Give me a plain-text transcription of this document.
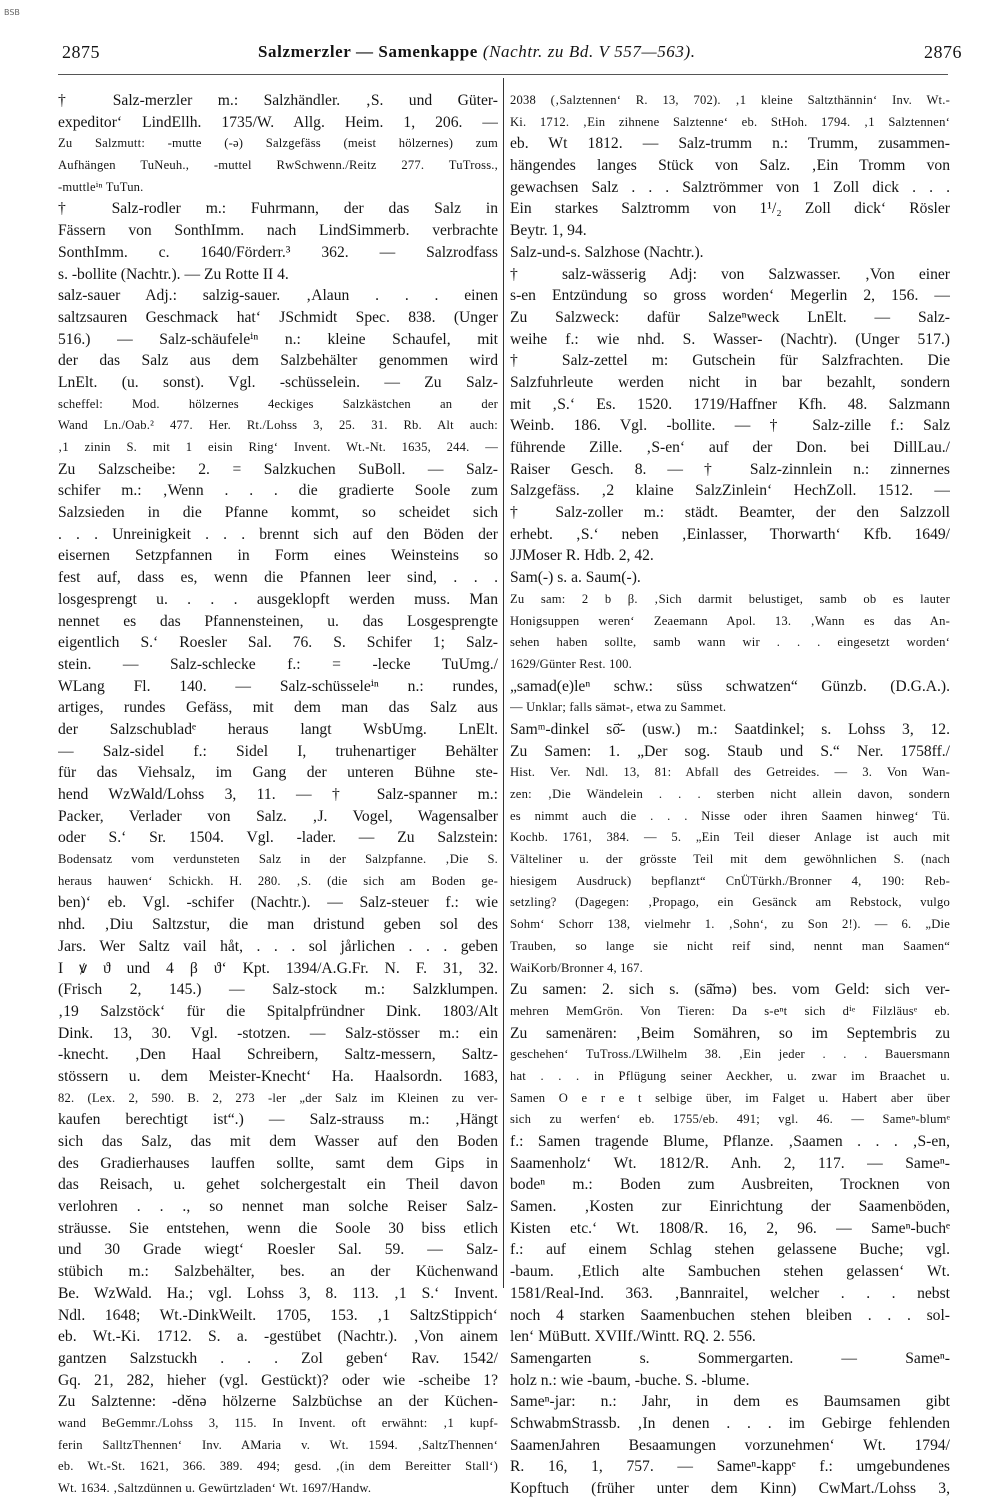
BSB
2875	Salzmerzler — Samenkappe (Nachtr. zu Bd. V 557—563).	2876
† Salz-merzler m.: Salzhändler. ‚S. und Güter-
expeditor‘ LindEllh. 1735/W. Allg. Heim. 1, 206. —
Zu Salzmutt: -mutte (-ə) Salzgefäss (meist hölzernes) zum
Aufhängen TuNeuh., -muttel RwSchwenn./Reitz 277. TuTross.,
-muttleⁱⁿ TuTun.
† Salz-rodler m.: Fuhrmann, der das Salz in
Fässern von SonthImm. nach LindSimmerb. verbrachte
SonthImm. c. 1640/Förderr.³ 362. — Salzrodfass
s. -bollite (Nachtr.). — Zu Rotte II 4.
salz-sauer Adj.: salzig-sauer. ‚Alaun . . . einen
saltzsauren Geschmack hat‘ JSchmidt Spec. 838. (Unger
516.) — Salz-schäufeleⁱⁿ n.: kleine Schaufel, mit
der das Salz aus dem Salzbehälter genommen wird
LnElt. (u. sonst). Vgl. -schüsselein. — Zu Salz-
scheffel: Mod. hölzernes 4eckiges Salzkästchen an der
Wand Ln./Oab.² 477. Her. Rt./Lohss 3, 25. 31. Rb. Alt auch:
‚1 zinin S. mit 1 eisin Ring‘ Invent. Wt.-Nt. 1635, 244. —
Zu Salzscheibe: 2. = Salzkuchen SuBoll. — Salz-
schifer m.: ‚Wenn . . . die gradierte Soole zum
Salzsieden in die Pfanne kommt, so scheidet sich
. . . Unreinigkeit . . . brennt sich auf den Böden der
eisernen Setzpfannen in Form eines Weinsteins so
fest auf, dass es, wenn die Pfannen leer sind, . . .
losgesprengt u. . . . ausgeklopft werden muss. Man
nennet es das Pfannensteinen, u. das Losgesprengte
eigentlich S.‘ Roesler Sal. 76. S. Schifer 1; Salz-
stein. — Salz-schlecke f.: = -lecke TuUmg./
WLang Fl. 140. — Salz-schüsseleⁱⁿ n.: rundes,
artiges, rundes Gefäss, mit dem man das Salz aus
der Salzschubladᵉ heraus langt WsbUmg. LnElt.
— Salz-sidel f.: Sidel I, truhenartiger Behälter
für das Viehsalz, im Gang der unteren Bühne ste-
hend WzWald/Lohss 3, 11. — † Salz-spanner m.:
Packer, Verlader von Salz. ‚J. Vogel, Wagensalber
oder S.‘ Sr. 1504. Vgl. -lader. — Zu Salzstein:
Bodensatz vom verdunsteten Salz in der Salzpfanne. ‚Die S.
heraus hauwen‘ Schickh. H. 280. ‚S. (die sich am Boden ge-
ben)‘ eb. Vgl. -schifer (Nachtr.). — Salz-steuer f.: wie
nhd. ‚Diu Saltzstur, die man dristund geben sol des
Jars. Wer Saltz vail håt, . . . sol jårlichen . . . geben
I ꝟ ϑ und 4 β ϑ‘ Kpt. 1394/A.G.Fr. N. F. 31, 32.
(Frisch 2, 145.) — Salz-stock m.: Salzklumpen.
‚19 Salzstöck‘ für die Spitalpfründner Dink. 1803/Alt
Dink. 13, 30. Vgl. -stotzen. — Salz-stösser m.: ein
-knecht. ‚Den Haal Schreibern, Saltz-messern, Saltz-
stössern u. dem Meister-Knecht‘ Ha. Haalsordn. 1683,
82. (Lex. 2, 590. B. 2, 273 -ler „der Salz im Kleinen zu ver-
kaufen berechtigt ist“.) — Salz-strauss m.: ‚Hängt
sich das Salz, das mit dem Wasser auf den Boden
des Gradierhauses lauffen sollte, samt dem Gips in
das Reisach, u. gehet solchergestalt ein Theil davon
verlohren . . ., so nennet man solche Reiser Salz-
sträusse. Sie entstehen, wenn die Soole 30 biss etlich
und 30 Grade wiegt‘ Roesler Sal. 59. — Salz-
stübich m.: Salzbehälter, bes. an der Küchenwand
Be. WzWald. Ha.; vgl. Lohss 3, 8. 113. ‚1 S.‘ Invent.
Ndl. 1648; Wt.-DinkWeilt. 1705, 153. ‚1 SaltzStippich‘
eb. Wt.-Ki. 1712. S. a. -gestübet (Nachtr.). ‚Von ainem
gantzen Salzstuckh . . . Zol geben‘ Rav. 1542/
Gq. 21, 282, hieher (vgl. Gestückt)? oder wie -scheibe 1?
Zu Salztenne: -dĕnə hölzerne Salzbüchse an der Küchen-
wand BeGemmr./Lohss 3, 115. In Invent. oft erwähnt: ‚1 kupf-
ferin SalltzThennen‘ Inv. AMaria v. Wt. 1594. ‚SaltzThennen‘
eb. Wt.-St. 1621, 366. 389. 494; gesd. ‚(in dem Bereitter Stall‘)
Wt. 1634. ‚Saltzdünnen u. Gewürtzladen‘ Wt. 1697/Handw.
2038 (‚Salztennen‘ R. 13, 702). ‚1 kleine Saltzthännin‘ Inv. Wt.-
Ki. 1712. ‚Ein zihnene Salztenne‘ eb. StHoh. 1794. ‚1 Salztennen‘
eb. Wt 1812. — Salz-trumm n.: Trumm, zusammen-
hängendes langes Stück von Salz. ‚Ein Tromm von
gewachsen Salz . . . Salztrömmer von 1 Zoll dick . . .
Ein starkes Salztromm von 1¹/₂ Zoll dick‘ Rösler
Beytr. 1, 94.
Salz-und-s. Salzhose (Nachtr.).
† salz-wässerig Adj: von Salzwasser. ‚Von einer
s-en Entzündung so gross worden‘ Megerlin 2, 156. —
Zu Salzweck: dafür Salzeⁿweck LnElt. — Salz-
weihe f.: wie nhd. S. Wasser- (Nachtr). (Unger 517.)
† Salz-zettel m: Gutschein für Salzfrachten. Die
Salzfuhrleute werden nicht in bar bezahlt, sondern
mit ‚S.‘ Es. 1520. 1719/Haffner Kfh. 48. Salzmann
Weinb. 186. Vgl. -bollite. — † Salz-zille f.: Salz
führende Zille. ‚S-en‘ auf der Don. bei DillLau./
Raiser Gesch. 8. — † Salz-zinnlein n.: zinnernes
Salzgefäss. ‚2 klaine SalzZinlein‘ HechZoll. 1512. —
† Salz-zoller m.: städt. Beamter, der den Salzzoll
erhebt. ‚S.‘ neben ‚Einlasser, Thorwarth‘ Kfb. 1649/
JJMoser R. Hdb. 2, 42.
Sam(-) s. a. Saum(-).
Zu sam: 2 b β. ‚Sich darmit belustiget, samb ob es lauter
Honigsuppen weren‘ Zeaemann Apol. 13. ‚Wann es das An-
sehen haben sollte, samb wann wir . . . eingesetzt worden‘
1629/Günter Rest. 100.
„samad(e)leⁿ schw.: süss schwatzen“ Günzb. (D.G.A.).
— Unklar; falls sämət-, etwa zu Sammet.
Samᵐ-dinkel sō̆- (usw.) m.: Saatdinkel; s. Lohss 3, 12.
Zu Samen: 1. „Der sog. Staub und S.“ Ner. 1758ff./
Hist. Ver. Ndl. 13, 81: Abfall des Getreides. — 3. Von Wan-
zen: ‚Die Wändelein . . . sterben nicht allein davon, sondern
es nimmt auch die . . . Nisse oder ihren Saamen hinweg‘ Tü.
Kochb. 1761, 384. — 5. „Ein Teil dieser Anlage ist auch mit
Välteliner u. der grösste Teil mit dem gewöhnlichen S. (nach
hiesigem Ausdruck) bepflanzt“ CnÜTürkh./Bronner 4, 190: Reb-
setzling? (Dagegen: ‚Propago, ein Gesänck am Rebstock, vulgo
Sohm‘ Schorr 138, vielmehr 1. ‚Sohn‘, zu Son 2!). — 6. „Die
Trauben, so lange sie nicht reif sind, nennt man Saamen“
WaiKorb/Bronner 4, 167.
Zu samen: 2. sich s. (sā̆mə) bes. vom Geld: sich ver-
mehren MemGrön. Von Tieren: Da s-eⁿt sich dⁱᵉ Filzläusᵉ eb.
Zu samenären: ‚Beim Somähren, so im Septembris zu
geschehen‘ TuTross./LWilhelm 38. ‚Ein jeder . . . Bauersmann
hat . . . in Pflügung seiner Aeckher, u. zwar im Braachet u.
Samen O e r e t selbige über, im Falget u. Habert aber über
sich zu werfen‘ eb. 1755/eb. 491; vgl. 46. — Sameⁿ-blumᵉ
f.: Samen tragende Blume, Pflanze. ‚Saamen . . . ‚S-en,
Saamenholz‘ Wt. 1812/R. Anh. 2, 117. — Sameⁿ-
bodeⁿ m.: Boden zum Ausbreiten, Trocknen von
Samen. ‚Kosten zur Einrichtung der Saamenböden,
Kisten etc.‘ Wt. 1808/R. 16, 2, 96. — Sameⁿ-buchᵉ
f.: auf einem Schlag stehen gelassene Buche; vgl.
-baum. ‚Etlich alte Sambuchen stehen gelassen‘ Wt.
1581/Real-Ind. 363. ‚Bannraitel, welcher . . . nebst
noch 4 starken Saamenbuchen stehen bleiben . . . sol-
len‘ MüButt. XVIIf./Wintt. RQ. 2. 556.
Samengarten s. Sommergarten. — Sameⁿ-
holz n.: wie -baum, -buche. S. -blume.
Sameⁿ-jar: n.: Jahr, in dem es Baumsamen gibt
SchwabmStrassb. ‚In denen . . . im Gebirge fehlenden
SaamenJahren Besaamungen vorzunehmen‘ Wt. 1794/
R. 16, 1, 757. — Sameⁿ-kappᵉ f.: umgebundenes
Kopftuch (früher unter dem Kinn) CwMart./Lohss 3,
